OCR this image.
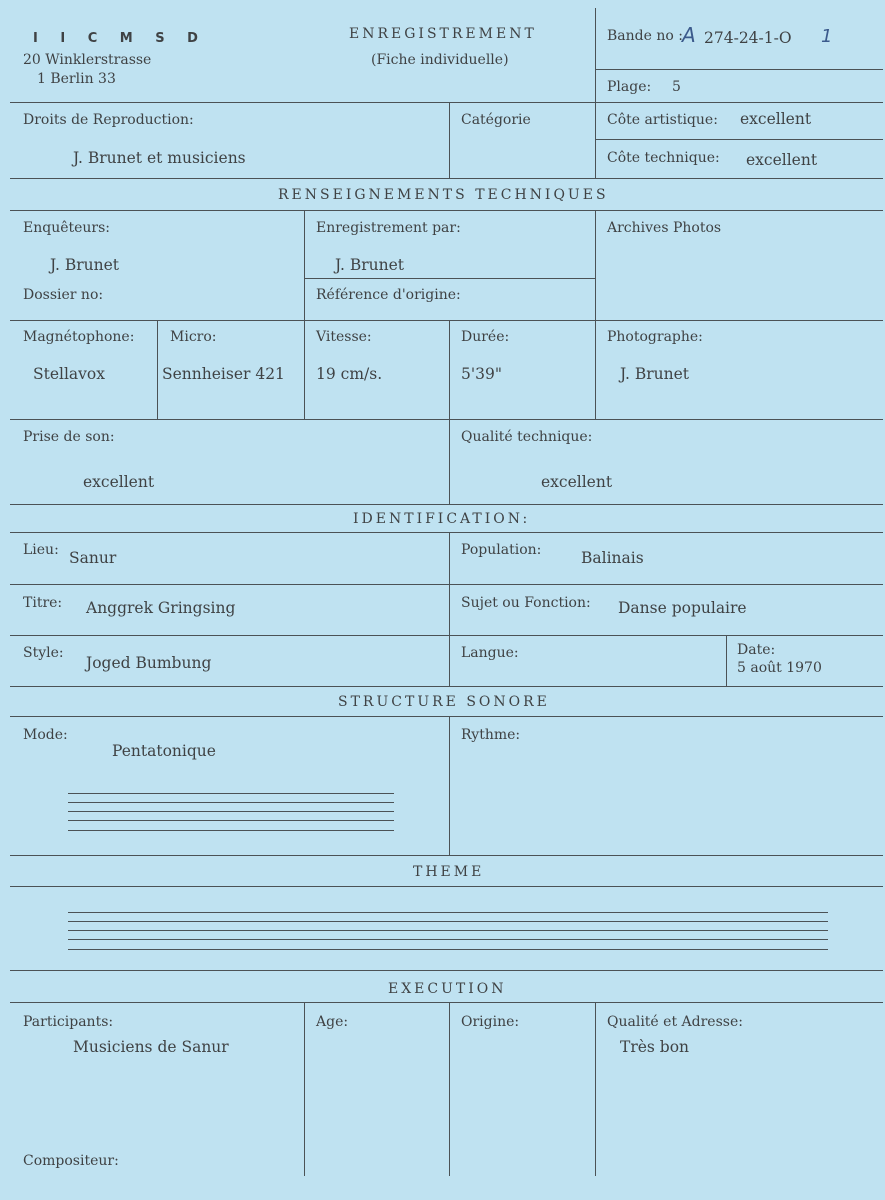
I I C M S D
20 Winklerstrasse
1 Berlin 33
ENREGISTREMENT
(Fiche individuelle)
Bande no : A 274-24-1-O 1
Plage: 5
Droits de Reproduction:
J. Brunet et musiciens
Catégorie	Côte artistique: excellent
Côte technique: excellent
RENSEIGNEMENTS TECHNIQUES
Enquêteurs:
J. Brunet
Enregistrement par:
J. Brunet
Archives Photos
Dossier no:	Référence d'origine:
Magnétophone:
Stellavox
Micro:
Sennheiser 421
Vitesse:
19 cm/s.
Durée:
5'39"
Photographe:
J. Brunet
Prise de son:
excellent
Qualité technique:
excellent
IDENTIFICATION:
Lieu: Sanur	Population:	Balinais
Titre: Anggrek Gringsing	Sujet ou Fonction: Danse populaire
Style:
Joged Bumbung
Langue:	Date:
5 août 1970
STRUCTURE SONORE
Mode:
Pentatonique
Rythme:
THEME
EXECUTION
Participants:
Musiciens de Sanur
Age:	Origine:	Qualité et Adresse:
Très bon
Compositeur:
